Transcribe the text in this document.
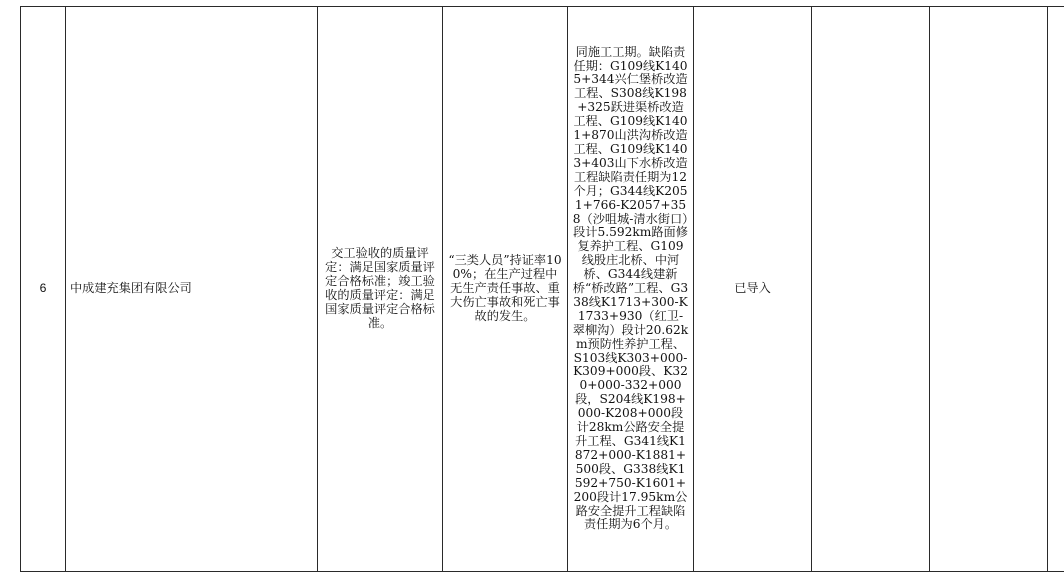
6	中成建充集团有限公司	交工验收的质量评定：满足国家质量评定合格标准；竣工验收的质量评定：满足国家质量评定合格标准。	“三类人员”持证率100%；在生产过程中无生产责任事故、重大伤亡事故和死亡事故的发生。	同施工工期。缺陷责任期：G109线K1405+344兴仁堡桥改造工程、S308线K198+325跃进渠桥改造工程、G109线K1401+870山洪沟桥改造工程、G109线K1403+403山下水桥改造工程缺陷责任期为12个月；G344线K2051+766-K2057+358（沙咀城-清水街口）段计5.592km路面修复养护工程、G109线殷庄北桥、中河桥、G344线建新桥“桥改路”工程、G338线K1713+300-K1733+930（红卫-翠柳沟）段计20.62km预防性养护工程、S103线K303+000-K309+000段、K320+000-332+000段，S204线K198+000-K208+000段计28km公路安全提升工程、G341线K1872+000-K1881+500段、G338线K1592+750-K1601+200段计17.95km公路安全提升工程缺陷责任期为6个月。	已导入			
